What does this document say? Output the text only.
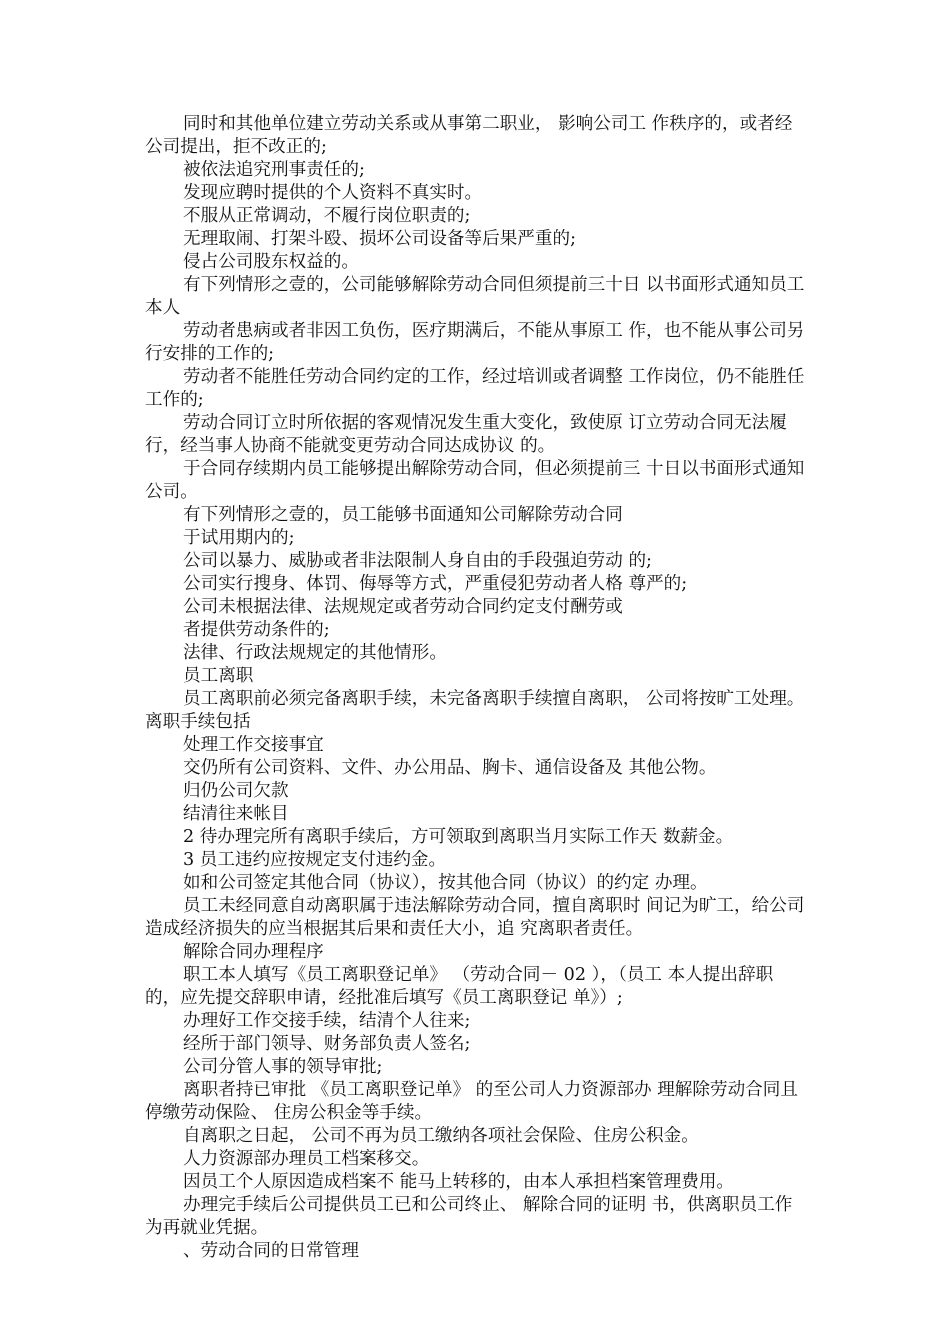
同时和其他单位建立劳动关系或从事第二职业， 影响公司工 作秩序的，或者经公司提出，拒不改正的;

被依法追究刑事责任的;

发现应聘时提供的个人资料不真实时。

不服从正常调动，不履行岗位职责的;

无理取闹、打架斗殴、损坏公司设备等后果严重的;

侵占公司股东权益的。

有下列情形之壹的，公司能够解除劳动合同但须提前三十日 以书面形式通知员工本人

劳动者患病或者非因工负伤，医疗期满后，不能从事原工 作，也不能从事公司另行安排的工作的;

劳动者不能胜任劳动合同约定的工作，经过培训或者调整 工作岗位，仍不能胜任工作的;

劳动合同订立时所依据的客观情况发生重大变化，致使原 订立劳动合同无法履行，经当事人协商不能就变更劳动合同达成协议 的。

于合同存续期内员工能够提出解除劳动合同，但必须提前三 十日以书面形式通知公司。

有下列情形之壹的，员工能够书面通知公司解除劳动合同

于试用期内的;

公司以暴力、威胁或者非法限制人身自由的手段强迫劳动 的;

公司实行搜身、体罚、侮辱等方式，严重侵犯劳动者人格 尊严的;

公司未根据法律、法规规定或者劳动合同约定支付酬劳或

者提供劳动条件的;

法律、行政法规规定的其他情形。

员工离职

员工离职前必须完备离职手续，未完备离职手续擅自离职， 公司将按旷工处理。离职手续包括

处理工作交接事宜

交仍所有公司资料、文件、办公用品、胸卡、通信设备及 其他公物。

归仍公司欠款

结清往来帐目

2 待办理完所有离职手续后，方可领取到离职当月实际工作天 数薪金。

3 员工违约应按规定支付违约金。

如和公司签定其他合同（协议），按其他合同（协议）的约定 办理。

员工未经同意自动离职属于违法解除劳动合同，擅自离职时 间记为旷工，给公司造成经济损失的应当根据其后果和责任大小，追 究离职者责任。

解除合同办理程序

职工本人填写《员工离职登记单》 （劳动合同－ 02 ），（员工 本人提出辞职的，应先提交辞职申请，经批准后填写《员工离职登记 单》）;

办理好工作交接手续，结清个人往来;

经所于部门领导、财务部负责人签名;

公司分管人事的领导审批;

离职者持已审批 《员工离职登记单》 的至公司人力资源部办 理解除劳动合同且停缴劳动保险、 住房公积金等手续。

自离职之日起， 公司不再为员工缴纳各项社会保险、住房公积金。

人力资源部办理员工档案移交。

因员工个人原因造成档案不 能马上转移的，由本人承担档案管理费用。

办理完手续后公司提供员工已和公司终止、 解除合同的证明 书，供离职员工作为再就业凭据。

、劳动合同的日常管理
